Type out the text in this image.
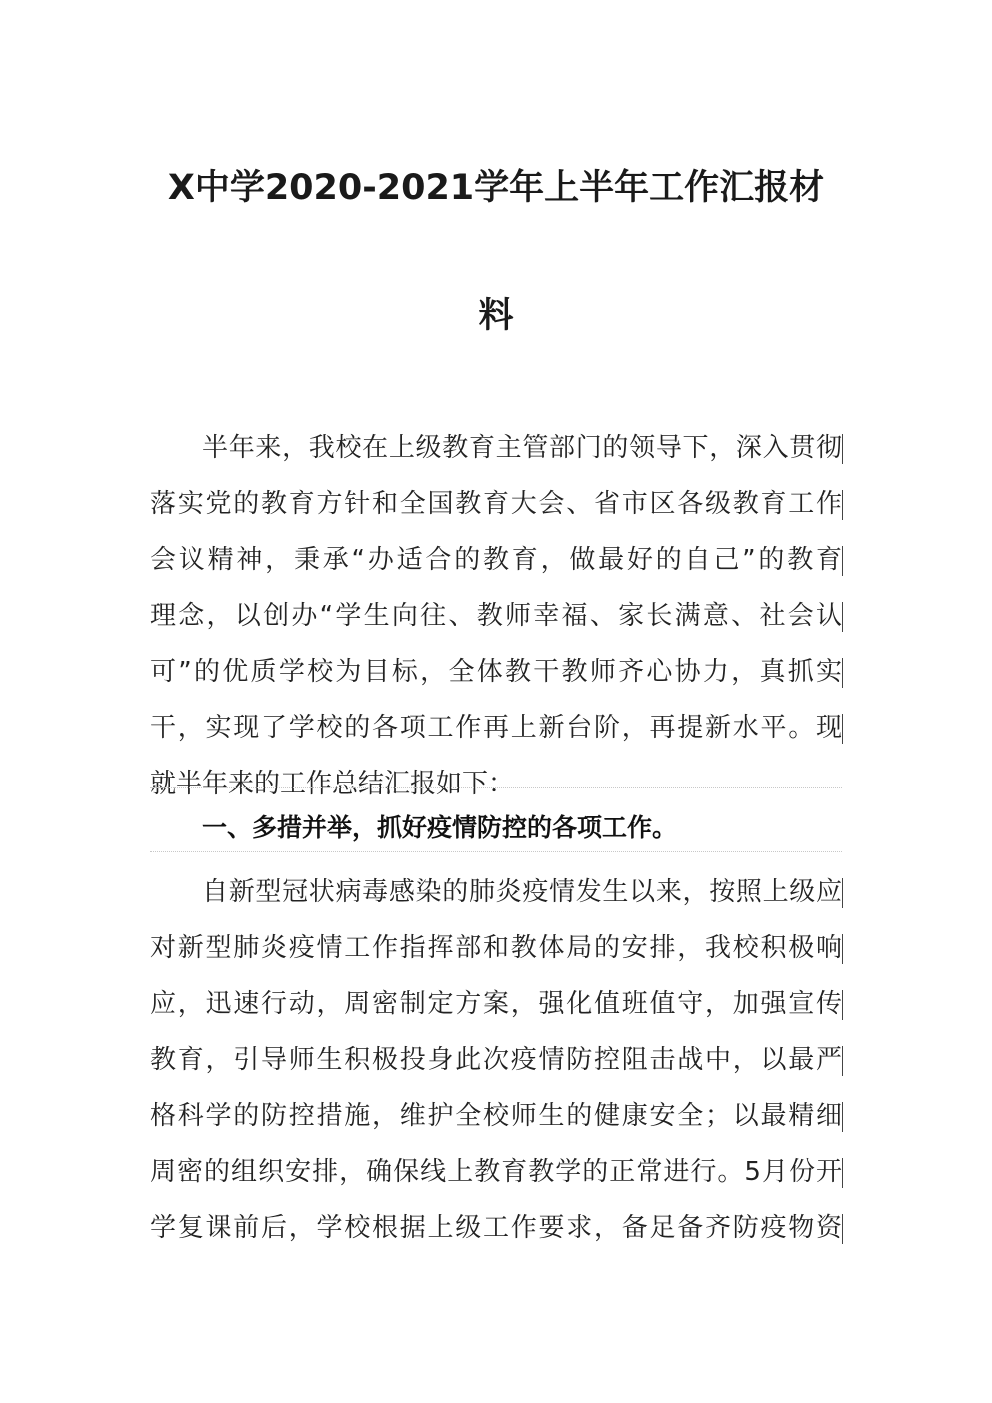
X中学2020-2021学年上半年工作汇报材
料
半年来，我校在上级教育主管部门的领导下，深入贯彻
落实党的教育方针和全国教育大会、省市区各级教育工作
会议精神，秉承“办适合的教育，做最好的自己”的教育
理念，以创办“学生向往、教师幸福、家长满意、社会认
可”的优质学校为目标，全体教干教师齐心协力，真抓实
干，实现了学校的各项工作再上新台阶，再提新水平。现
就半年来的工作总结汇报如下：
一、多措并举，抓好疫情防控的各项工作。
自新型冠状病毒感染的肺炎疫情发生以来，按照上级应
对新型肺炎疫情工作指挥部和教体局的安排，我校积极响
应，迅速行动，周密制定方案，强化值班值守，加强宣传
教育，引导师生积极投身此次疫情防控阻击战中，以最严
格科学的防控措施，维护全校师生的健康安全；以最精细
周密的组织安排，确保线上教育教学的正常进行。5月份开
学复课前后，学校根据上级工作要求，备足备齐防疫物资
